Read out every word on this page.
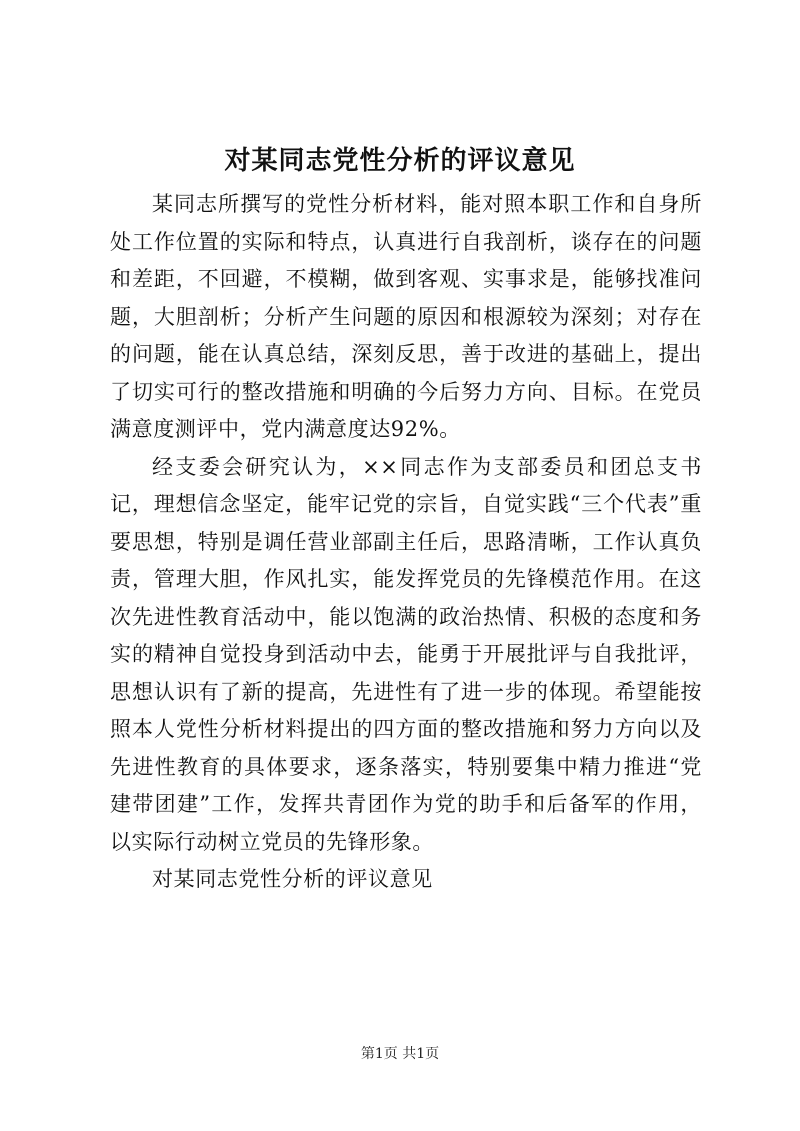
对某同志党性分析的评议意见

某同志所撰写的党性分析材料，能对照本职工作和自身所处工作位置的实际和特点，认真进行自我剖析，谈存在的问题和差距，不回避，不模糊，做到客观、实事求是，能够找准问题，大胆剖析；分析产生问题的原因和根源较为深刻；对存在的问题，能在认真总结，深刻反思，善于改进的基础上，提出了切实可行的整改措施和明确的今后努力方向、目标。在党员满意度测评中，党内满意度达92%。

经支委会研究认为，××同志作为支部委员和团总支书记，理想信念坚定，能牢记党的宗旨，自觉实践“三个代表”重要思想，特别是调任营业部副主任后，思路清晰，工作认真负责，管理大胆，作风扎实，能发挥党员的先锋模范作用。在这次先进性教育活动中，能以饱满的政治热情、积极的态度和务实的精神自觉投身到活动中去，能勇于开展批评与自我批评，思想认识有了新的提高，先进性有了进一步的体现。希望能按照本人党性分析材料提出的四方面的整改措施和努力方向以及先进性教育的具体要求，逐条落实，特别要集中精力推进“党建带团建”工作，发挥共青团作为党的助手和后备军的作用，以实际行动树立党员的先锋形象。

对某同志党性分析的评议意见

第1页 共1页
